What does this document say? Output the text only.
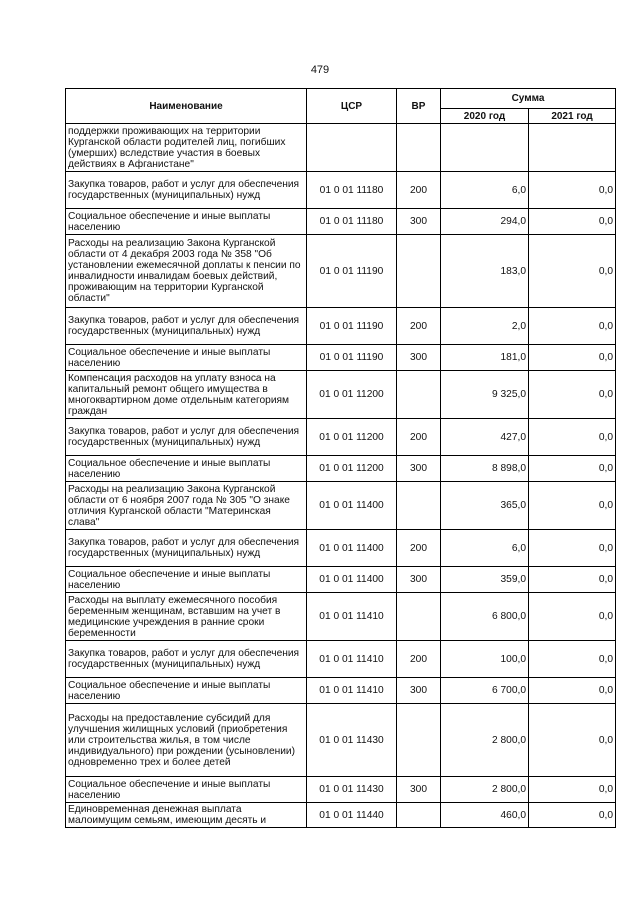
479
Наименование	ЦСР	ВР	Сумма	
			2020 год	2021 год
поддержки проживающих на территории Курганской области родителей лиц, погибших (умерших) вследствие участия в боевых действиях в Афганистане"				
Закупка товаров, работ и услуг для обеспечения государственных (муниципальных) нужд	01 0 01 11180	200	6,0	0,0
Социальное обеспечение и иные выплаты населению	01 0 01 11180	300	294,0	0,0
Расходы на реализацию Закона Курганской области от 4 декабря 2003 года № 358 "Об установлении ежемесячной доплаты к пенсии по инвалидности инвалидам боевых действий, проживающим на территории Курганской области"	01 0 01 11190		183,0	0,0
Закупка товаров, работ и услуг для обеспечения государственных (муниципальных) нужд	01 0 01 11190	200	2,0	0,0
Социальное обеспечение и иные выплаты населению	01 0 01 11190	300	181,0	0,0
Компенсация расходов на уплату взноса на капитальный ремонт общего имущества в многоквартирном доме отдельным категориям граждан	01 0 01 11200		9 325,0	0,0
Закупка товаров, работ и услуг для обеспечения государственных (муниципальных) нужд	01 0 01 11200	200	427,0	0,0
Социальное обеспечение и иные выплаты населению	01 0 01 11200	300	8 898,0	0,0
Расходы на реализацию Закона Курганской области от 6 ноября 2007 года № 305 "О знаке отличия Курганской области "Материнская слава"	01 0 01 11400		365,0	0,0
Закупка товаров, работ и услуг для обеспечения государственных (муниципальных) нужд	01 0 01 11400	200	6,0	0,0
Социальное обеспечение и иные выплаты населению	01 0 01 11400	300	359,0	0,0
Расходы на выплату ежемесячного пособия беременным женщинам, вставшим на учет в медицинские учреждения в ранние сроки беременности	01 0 01 11410		6 800,0	0,0
Закупка товаров, работ и услуг для обеспечения государственных (муниципальных) нужд	01 0 01 11410	200	100,0	0,0
Социальное обеспечение и иные выплаты населению	01 0 01 11410	300	6 700,0	0,0
Расходы на предоставление субсидий для улучшения жилищных условий (приобретения или строительства жилья, в том числе индивидуального) при рождении (усыновлении) одновременно трех и более детей	01 0 01 11430		2 800,0	0,0
Социальное обеспечение и иные выплаты населению	01 0 01 11430	300	2 800,0	0,0
Единовременная денежная выплата малоимущим семьям, имеющим десять и	01 0 01 11440		460,0	0,0
